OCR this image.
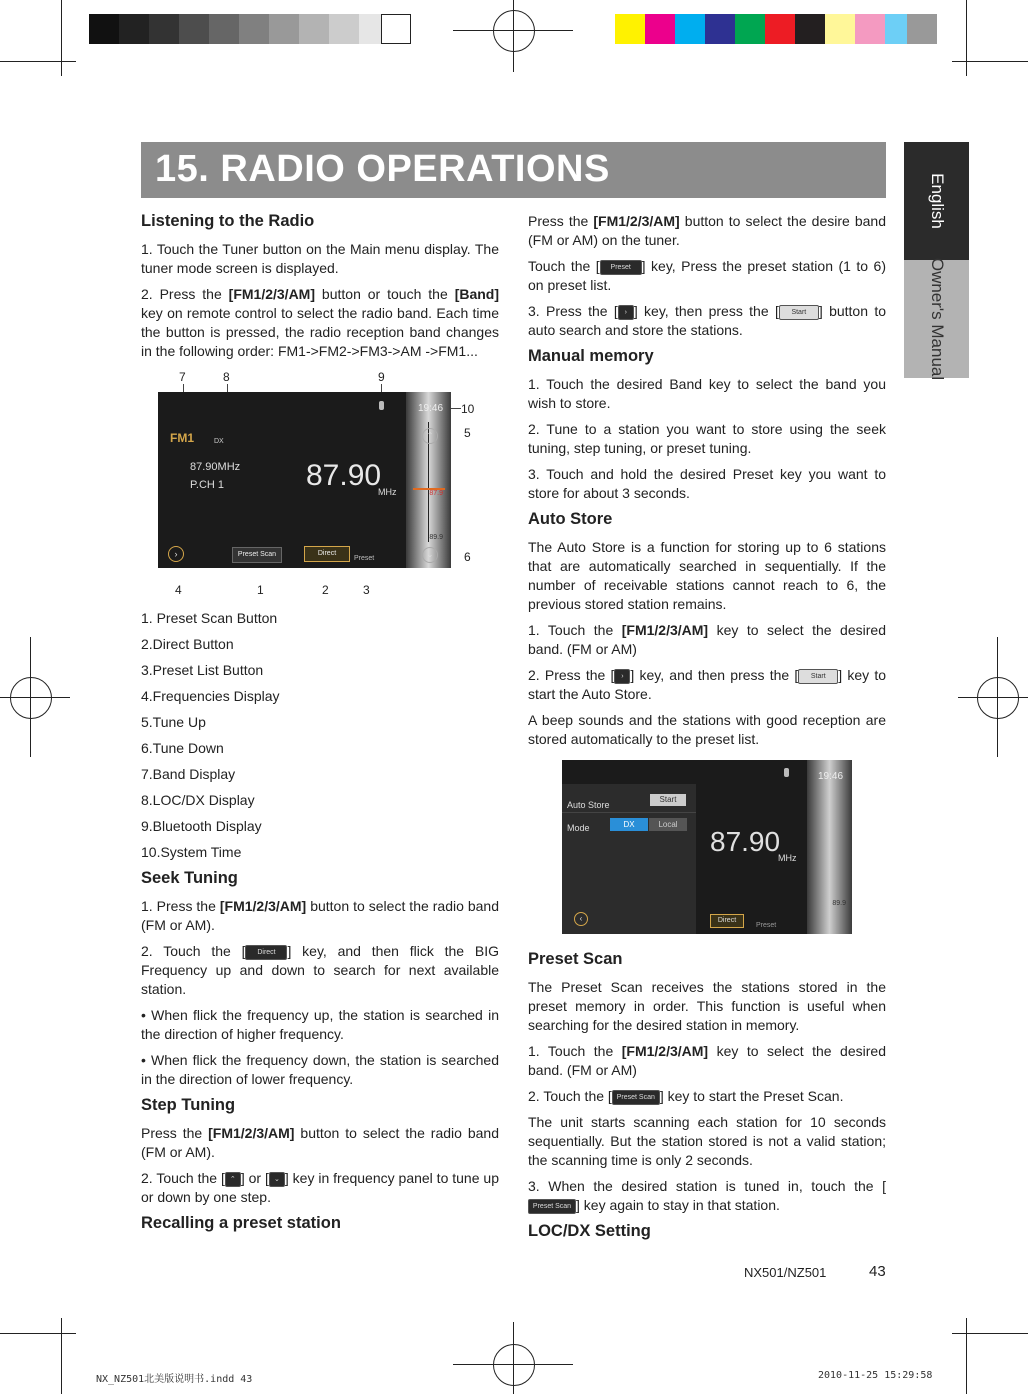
15. RADIO OPERATIONS
English
Owner's Manual
Listening to the Radio

1. Touch the Tuner button on the Main menu display. The tuner mode screen is displayed.

2. Press the [FM1/2/3/AM] button or touch the [Band] key on remote control to select the radio band. Each time the button is pressed, the radio reception band changes in the following order: FM1->FM2->FM3->AM ->FM1...

7	8	9
10
5
6
4	1	2	3
87.9
89.9
19:46
FM1	DX
87.90MHz
P.CH 1	87.90
MHz
›	Preset Scan	Direct
Preset	⌄
⌃
1. Preset Scan Button
2.Direct Button
3.Preset List Button
4.Frequencies Display
5.Tune Up
6.Tune Down
7.Band Display
8.LOC/DX Display
9.Bluetooth Display
10.System Time
Seek Tuning

1. Press the [FM1/2/3/AM] button to select the radio band (FM or AM).

2. Touch the [ Direct ] key, and then flick the BIG Frequency up and down to search for next available station.

• When flick the frequency up, the station is searched in the direction of higher frequency.

• When flick the frequency down, the station is searched in the direction of lower frequency.

Step Tuning

Press the [FM1/2/3/AM] button to select the radio band (FM or AM).

2. Touch the [ ⌃ ] or [ ⌄ ] key in frequency panel to tune up or down by one step.

Recalling a preset station

Press the [FM1/2/3/AM] button to select the desire band (FM or AM) on the tuner.

Touch the [ Preset ] key, Press the preset station (1 to 6) on preset list.

3. Press the [ › ] key, then press the [ Start ] button to auto search and store the stations.

Manual memory

1. Touch the desired Band key to select the band you wish to store.

2. Tune to a station you want to store using the seek tuning, step tuning, or preset tuning.

3. Touch and hold the desired Preset key you want to store for about 3 seconds.

Auto Store

The Auto Store is a function for storing up to 6 stations that are automatically searched in sequentially. If the number of receivable stations cannot reach to 6, the previous stored station remains.

1. Touch the [FM1/2/3/AM] key to select the desired band. (FM or AM)

2. Press the [ › ] key, and then press the [ Start ] key to start the Auto Store.

A beep sounds and the stations with good reception are stored automatically to the preset list.

89.9
19:46
Auto Store
Start
Mode	DX	Local
‹
87.90
MHz
Direct
Preset
Preset Scan

The Preset Scan receives the stations stored in the preset memory in order. This function is useful when searching for the desired station in memory.

1. Touch the [FM1/2/3/AM] key to select the desired band. (FM or AM)

2. Touch the [ Preset Scan ] key to start the Preset Scan.

The unit starts scanning each station for 10 seconds sequentially. But the station stored is not a valid station; the scanning time is only 2 seconds.

3. When the desired station is tuned in, touch the [Preset Scan ] key again to stay in that station.

LOC/DX Setting
NX501/NZ501	43
NX_NZ501北美版说明书.indd 43	2010-11-25 15:29:58
